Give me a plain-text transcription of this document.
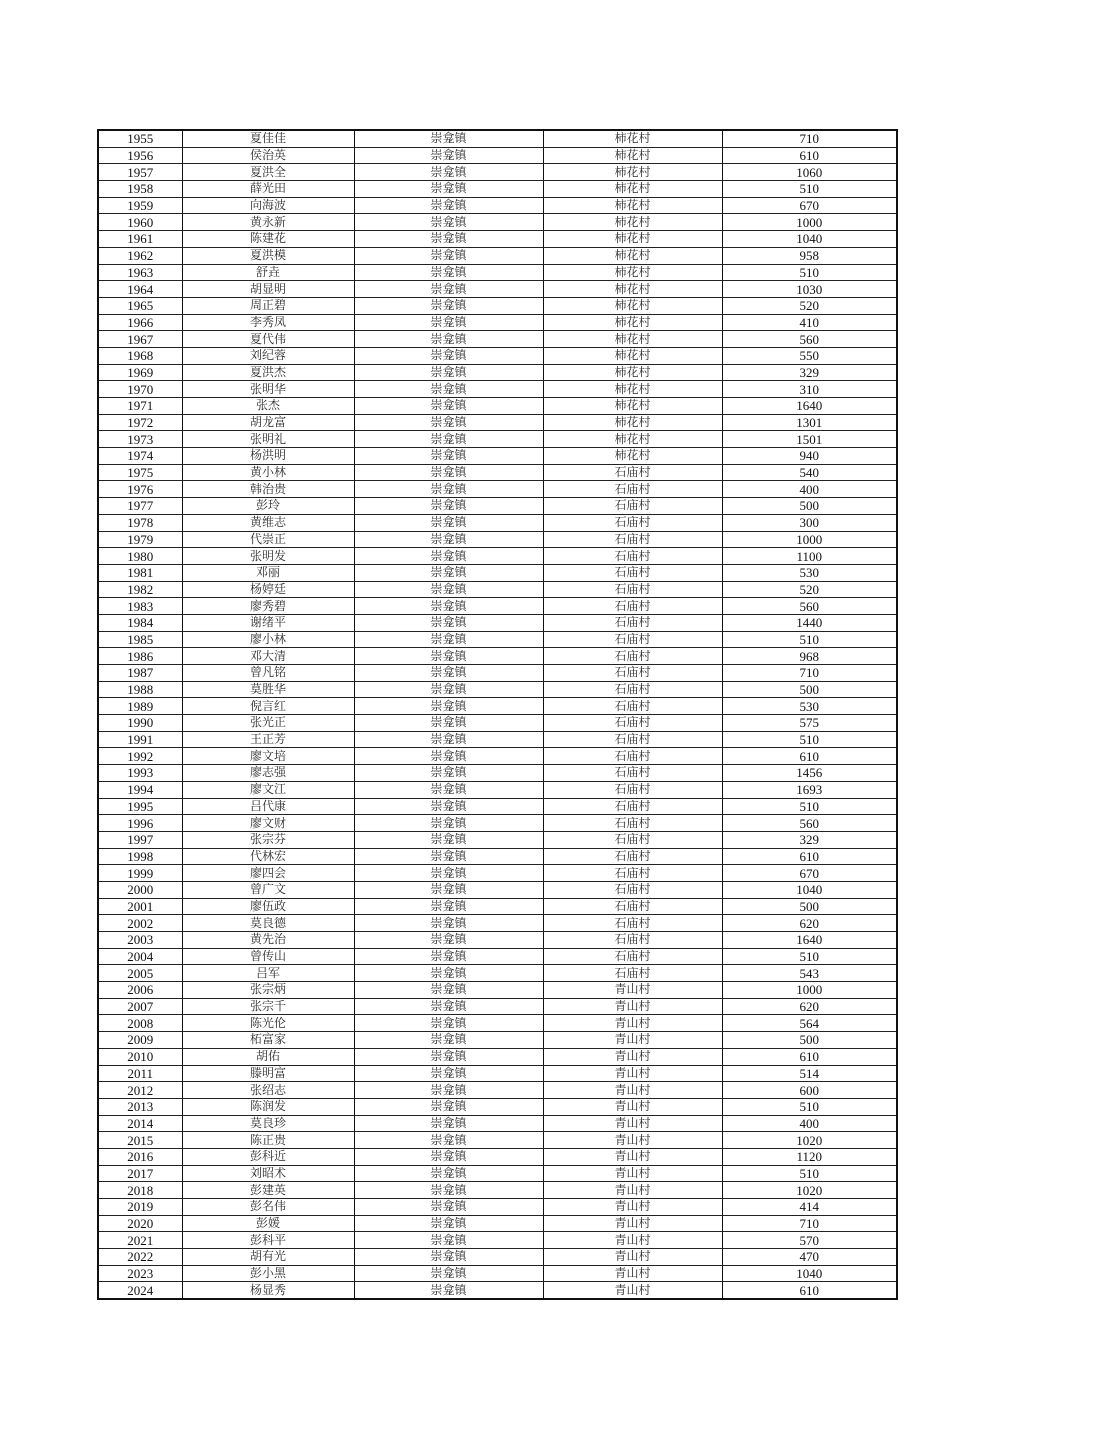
1955	夏佳佳	崇龛镇	柿花村	710
1956	侯治英	崇龛镇	柿花村	610
1957	夏洪全	崇龛镇	柿花村	1060
1958	薛光田	崇龛镇	柿花村	510
1959	向海波	崇龛镇	柿花村	670
1960	黄永新	崇龛镇	柿花村	1000
1961	陈建花	崇龛镇	柿花村	1040
1962	夏洪模	崇龛镇	柿花村	958
1963	舒垚	崇龛镇	柿花村	510
1964	胡显明	崇龛镇	柿花村	1030
1965	周正碧	崇龛镇	柿花村	520
1966	李秀凤	崇龛镇	柿花村	410
1967	夏代伟	崇龛镇	柿花村	560
1968	刘纪蓉	崇龛镇	柿花村	550
1969	夏洪杰	崇龛镇	柿花村	329
1970	张明华	崇龛镇	柿花村	310
1971	张杰	崇龛镇	柿花村	1640
1972	胡龙富	崇龛镇	柿花村	1301
1973	张明礼	崇龛镇	柿花村	1501
1974	杨洪明	崇龛镇	柿花村	940
1975	黄小林	崇龛镇	石庙村	540
1976	韩治贵	崇龛镇	石庙村	400
1977	彭玲	崇龛镇	石庙村	500
1978	黄维志	崇龛镇	石庙村	300
1979	代崇正	崇龛镇	石庙村	1000
1980	张明发	崇龛镇	石庙村	1100
1981	邓丽	崇龛镇	石庙村	530
1982	杨婷廷	崇龛镇	石庙村	520
1983	廖秀碧	崇龛镇	石庙村	560
1984	谢绪平	崇龛镇	石庙村	1440
1985	廖小林	崇龛镇	石庙村	510
1986	邓大清	崇龛镇	石庙村	968
1987	曾凡铭	崇龛镇	石庙村	710
1988	莫胜华	崇龛镇	石庙村	500
1989	倪言红	崇龛镇	石庙村	530
1990	张光正	崇龛镇	石庙村	575
1991	王正芳	崇龛镇	石庙村	510
1992	廖文培	崇龛镇	石庙村	610
1993	廖志强	崇龛镇	石庙村	1456
1994	廖文江	崇龛镇	石庙村	1693
1995	吕代康	崇龛镇	石庙村	510
1996	廖文财	崇龛镇	石庙村	560
1997	张宗芬	崇龛镇	石庙村	329
1998	代林宏	崇龛镇	石庙村	610
1999	廖四会	崇龛镇	石庙村	670
2000	曾广文	崇龛镇	石庙村	1040
2001	廖伍政	崇龛镇	石庙村	500
2002	莫良德	崇龛镇	石庙村	620
2003	黄先治	崇龛镇	石庙村	1640
2004	曾传山	崇龛镇	石庙村	510
2005	吕军	崇龛镇	石庙村	543
2006	张宗炳	崇龛镇	青山村	1000
2007	张宗千	崇龛镇	青山村	620
2008	陈光伦	崇龛镇	青山村	564
2009	柘富家	崇龛镇	青山村	500
2010	胡佑	崇龛镇	青山村	610
2011	滕明富	崇龛镇	青山村	514
2012	张绍志	崇龛镇	青山村	600
2013	陈润发	崇龛镇	青山村	510
2014	莫良珍	崇龛镇	青山村	400
2015	陈正贵	崇龛镇	青山村	1020
2016	彭科近	崇龛镇	青山村	1120
2017	刘昭术	崇龛镇	青山村	510
2018	彭建英	崇龛镇	青山村	1020
2019	彭名伟	崇龛镇	青山村	414
2020	彭媛	崇龛镇	青山村	710
2021	彭科平	崇龛镇	青山村	570
2022	胡有光	崇龛镇	青山村	470
2023	彭小黑	崇龛镇	青山村	1040
2024	杨显秀	崇龛镇	青山村	610
